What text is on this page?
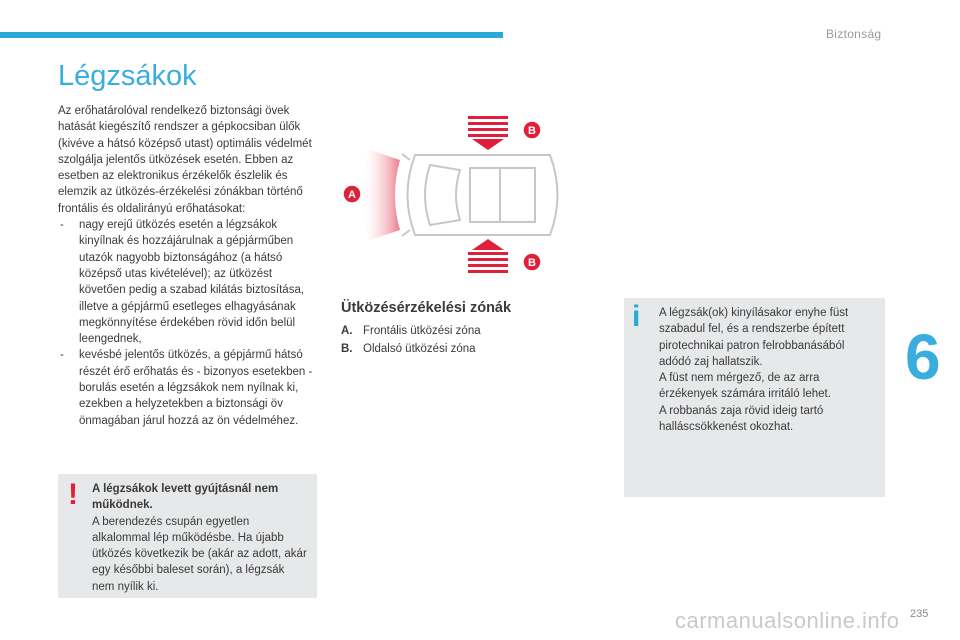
Biztonság
Légzsákok

Az erőhatárolóval rendelkező biztonsági övek hatását kiegészítő rendszer a gépkocsiban ülők (kivéve a hátsó középső utast) optimális védelmét szolgálja jelentős ütközések esetén. Ebben az esetben az elektronikus érzékelők észlelik és elemzik az ütközés-érzékelési zónákban történő frontális és oldalirányú erőhatásokat:

- nagy erejű ütközés esetén a légzsákok kinyílnak és hozzájárulnak a gépjárműben utazók nagyobb biztonságához (a hátsó középső utas kivételével); az ütközést követően pedig a szabad kilátás biztosítása, illetve a gépjármű esetleges elhagyásának megkönnyítése érdekében rövid időn belül leengednek,
- kevésbé jelentős ütközés, a gépjármű hátsó részét érő erőhatás és - bizonyos esetekben - borulás esetén a légzsákok nem nyílnak ki, ezekben a helyzetekben a biztonsági öv önmagában járul hozzá az ön védelméhez.
! A légzsákok levett gyújtásnál nem működnek.
A berendezés csupán egyetlen alkalommal lép működésbe. Ha újabb ütközés következik be (akár az adott, akár egy későbbi baleset során), a légzsák nem nyílik ki.
A
B
B
Ütközésérzékelési zónák
A. Frontális ütközési zóna
B. Oldalsó ütközési zóna
i A légzsák(ok) kinyílásakor enyhe füst szabadul fel, és a rendszerbe épített pirotechnikai patron felrobbanásából adódó zaj hallatszik.
A füst nem mérgező, de az arra érzékenyek számára irritáló lehet.
A robbanás zaja rövid ideig tartó halláscsökkenést okozhat.
6
carmanualsonline.info 235
